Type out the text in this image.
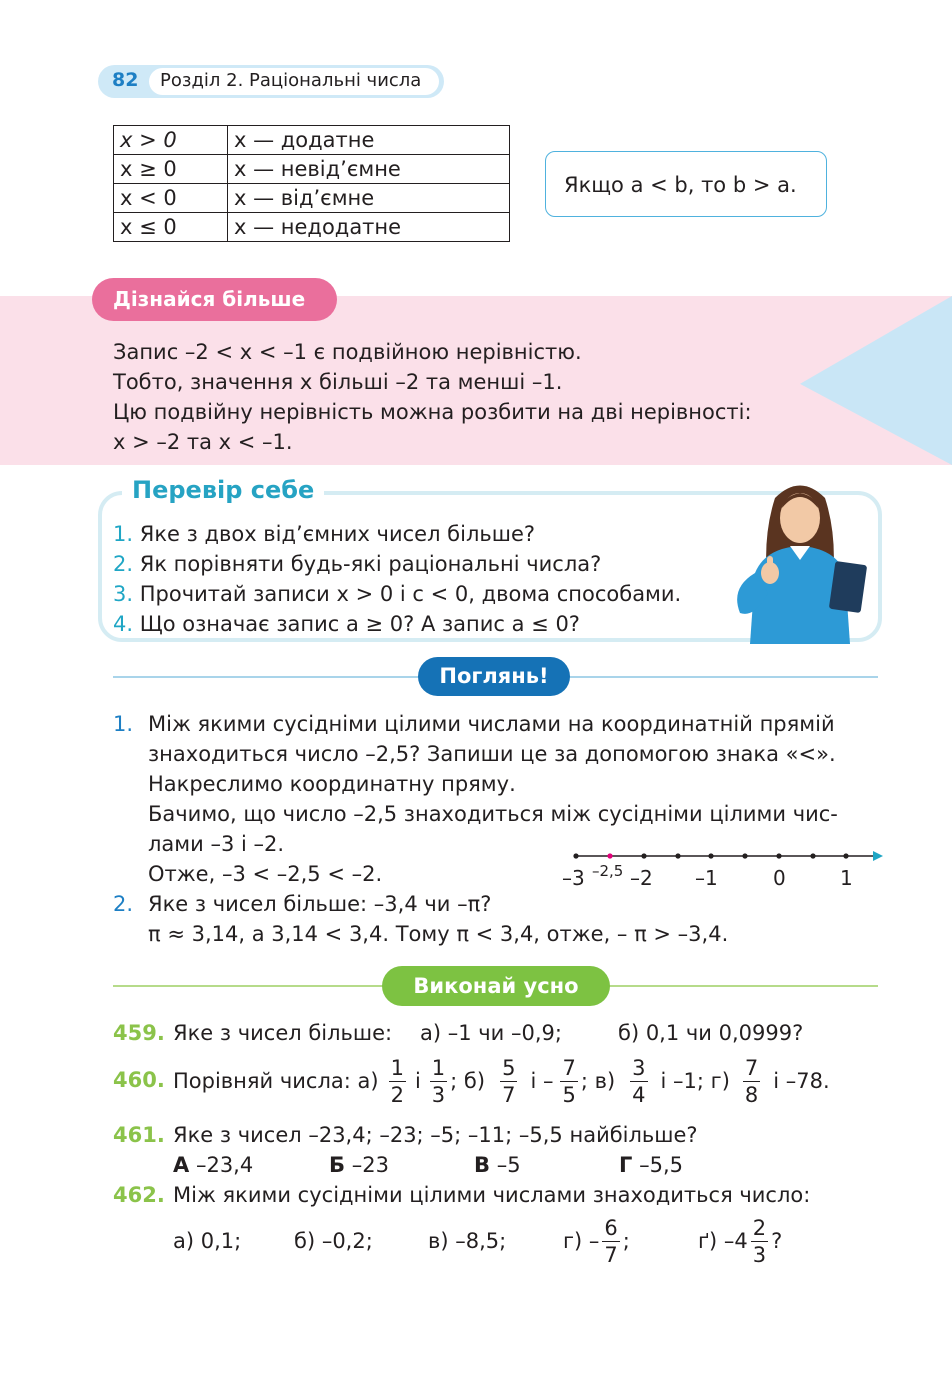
82 Розділ 2. Раціональні числа
x > 0	x — додатне
x ≥ 0	x — невід’ємне
x < 0	x — від’ємне
x ≤ 0	x — недодатне
Якщо a < b, то b > a.
Дізнайся більше
Запис –2 < x < –1 є подвійною нерівністю.
Тобто, значення x більші –2 та менші –1.
Цю подвійну нерівність можна розбити на дві нерівності:
x > –2 та x < –1.
Перевір себе
1. Яке з двох від’ємних чисел більше?
2. Як порівняти будь-які раціональні числа?
3. Прочитай записи x > 0 і c < 0, двома способами.
4. Що означає запис a ≥ 0? А запис a ≤ 0?
Поглянь!
1. Між якими сусідніми цілими числами на координатній прямій
знаходиться число –2,5? Запиши це за допомогою знака «<».
Накреслимо координатну пряму.
Бачимо, що число –2,5 знаходиться між сусідніми цілими чис-
лами –3 і –2.
Отже, –3 < –2,5 < –2.	–3 –2,5 –2 –1	0	1
2. Яке з чисел більше: –3,4 чи –π?
π ≈ 3,14, а 3,14 < 3,4. Тому π < 3,4, отже, – π > –3,4.
Виконай усно
459. Яке з чисел більше: а) –1 чи –0,9;	б) 0,1 чи 0,0999?
460. Порівняй числа: $а) \frac{1}{2}$ і $\frac{1}{3}$ ; $б) \frac{5}{7}$ і – $\frac{7}{5}$ ; $в) \frac{3}{4}$ і –1; $г) \frac{7}{8}$ і –78.
461. Яке з чисел –23,4; –23; –5; –11; –5,5 найбільше?
А –23,4	Б –23	В –5	Г –5,5
462. Між якими сусідніми цілими числами знаходиться число:
а) 0,1;	б) –0,2;	в) –8,5;	$г) - \frac{6}{7}$ ;	ґ) $-4 \frac{2}{3}$ ?
